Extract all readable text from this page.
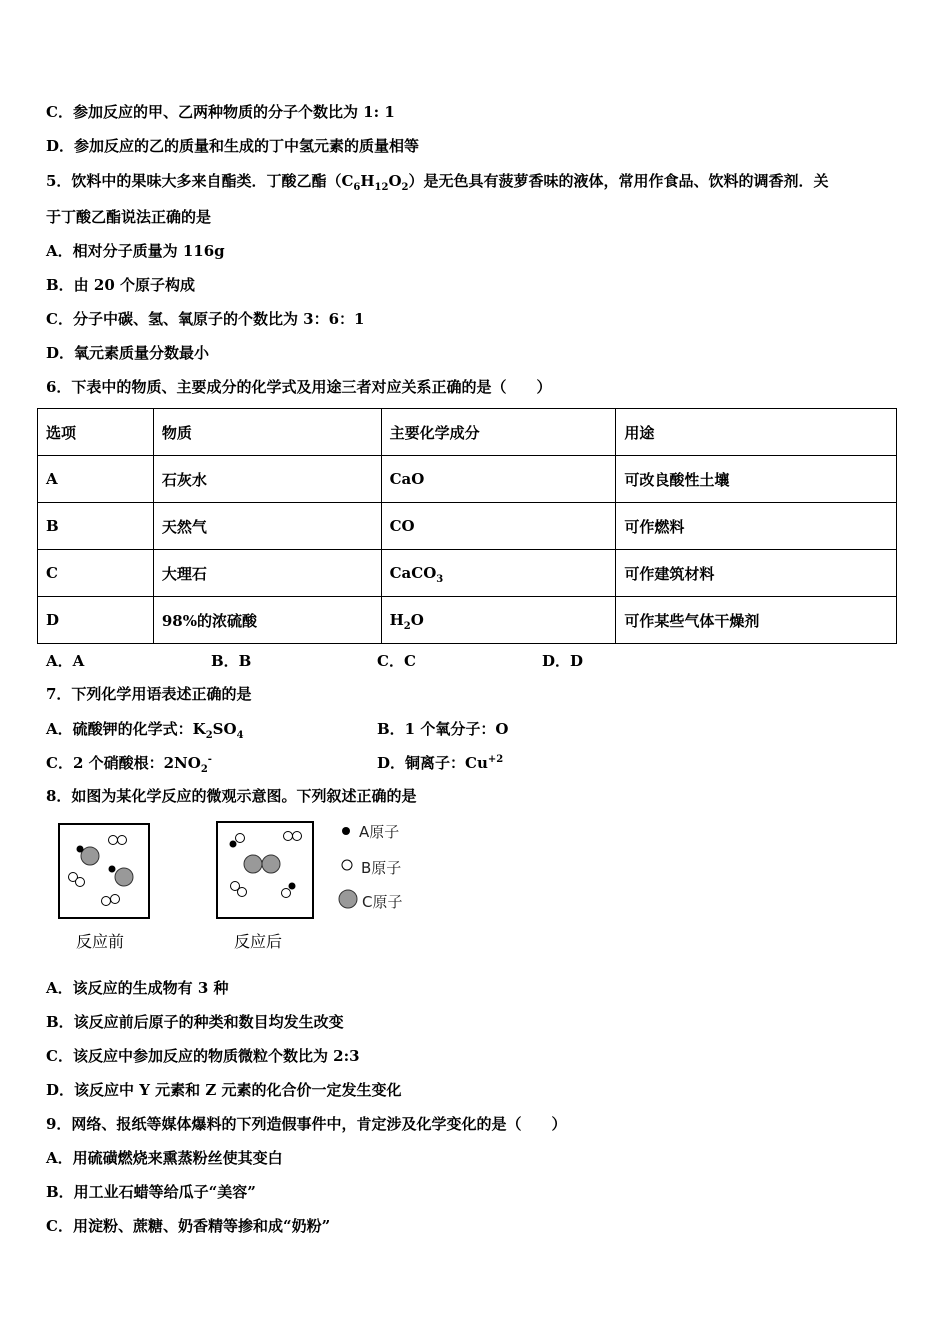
C．参加反应的甲、乙两种物质的分子个数比为 1: 1
D．参加反应的乙的质量和生成的丁中氢元素的质量相等
5．饮料中的果味大多来自酯类．丁酸乙酯$(C_6H_{12}O_2)$是无色具有菠萝香味的液体，常用作食品、饮料的调香剂．关
于丁酸乙酯说法正确的是
A．相对分子质量为 116g
B．由 20 个原子构成
C．分子中碳、氢、氧原子的个数比为 3：6：1
D．氧元素质量分数最小
6．下表中的物质、主要成分的化学式及用途三者对应关系正确的是（　　）
选项	物质	主要化学成分	用途
A	石灰水	CaO	可改良酸性土壤
B	天然气	CO	可作燃料
C	大理石	CaCO$_3$	可作建筑材料
D	98%的浓硫酸	$H_2O$	可作某些气体干燥剂
A．A	B．B	C．C	D．D
7．下列化学用语表述正确的是
A．硫酸钾的化学式：$K_2SO_4$	B．1 个氧分子：O
C．2 个硝酸根：$2NO_2^-$	D．铜离子：$Cu^{+2}$
8．如图为某化学反应的微观示意图。下列叙述正确的是
反应前	反应后
A原子
B原子
C原子
A．该反应的生成物有 3 种
B．该反应前后原子的种类和数目均发生改变
C．该反应中参加反应的物质微粒个数比为 2:3
D．该反应中 Y 元素和 Z 元素的化合价一定发生变化
9．网络、报纸等媒体爆料的下列造假事件中，肯定涉及化学变化的是（　　）
A．用硫磺燃烧来熏蒸粉丝使其变白
B．用工业石蜡等给瓜子“美容”
C．用淀粉、蔗糖、奶香精等掺和成“奶粉”
